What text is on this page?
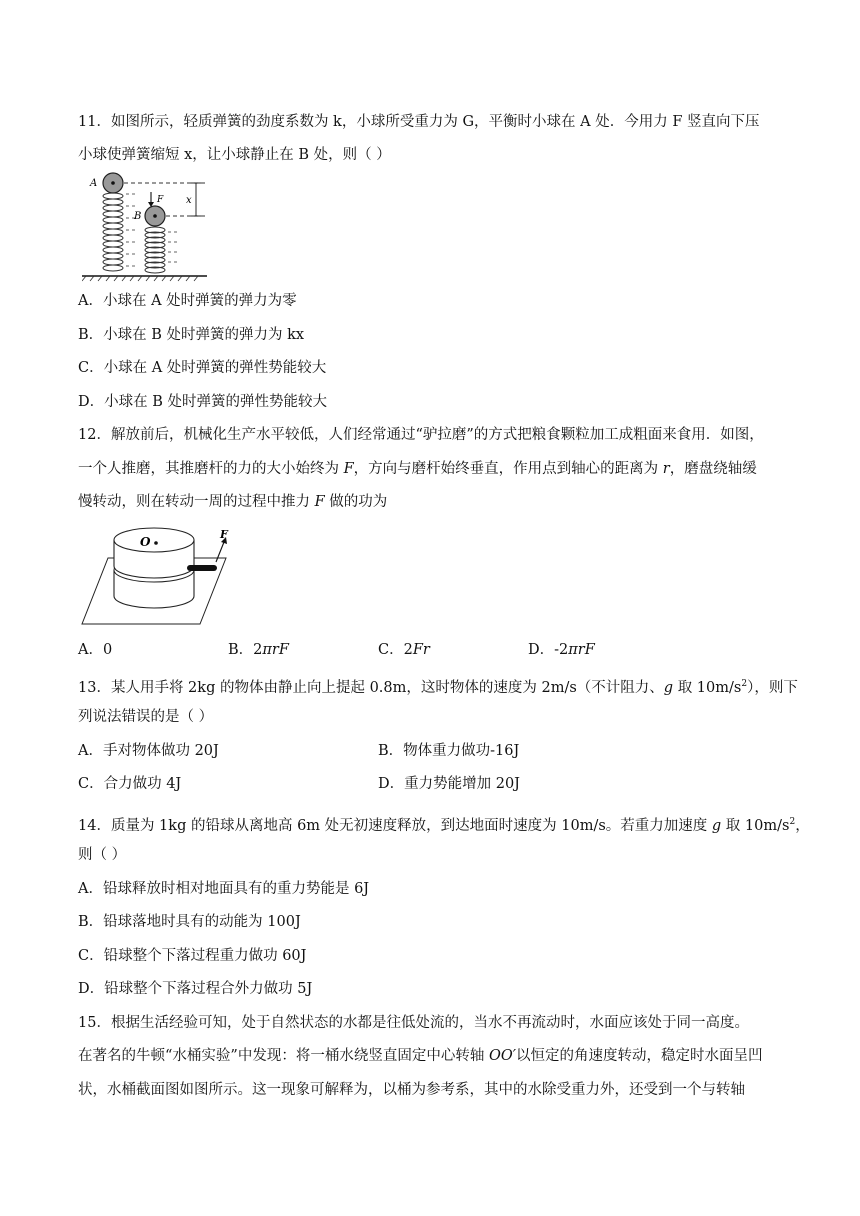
11．如图所示，轻质弹簧的劲度系数为 k，小球所受重力为 G，平衡时小球在 A 处．今用力 F 竖直向下压
小球使弹簧缩短 x，让小球静止在 B 处，则（ ）
A
B
F x
A．小球在 A 处时弹簧的弹力为零
B．小球在 B 处时弹簧的弹力为 kx
C．小球在 A 处时弹簧的弹性势能较大
D．小球在 B 处时弹簧的弹性势能较大
12．解放前后，机械化生产水平较低，人们经常通过“驴拉磨”的方式把粮食颗粒加工成粗面来食用．如图，
一个人推磨，其推磨杆的力的大小始终为 F，方向与磨杆始终垂直，作用点到轴心的距离为 r，磨盘绕轴缓
慢转动，则在转动一周的过程中推力 F 做的功为
O
F
A．0	B．2πrF	C．2Fr	D．-2πrF
13．某人用手将 2kg 的物体由静止向上提起 0.8m，这时物体的速度为 2m/s（不计阻力、g 取 $10m/s^2$），则下
列说法错误的是（ ）
A．手对物体做功 20J	B．物体重力做功-16J
C．合力做功 4J	D．重力势能增加 20J
14．质量为 1kg 的铅球从离地高 6m 处无初速度释放，到达地面时速度为 10m/s。若重力加速度 g 取 $10m/s^2$，
则（ ）
A．铅球释放时相对地面具有的重力势能是 6J
B．铅球落地时具有的动能为 100J
C．铅球整个下落过程重力做功 60J
D．铅球整个下落过程合外力做功 5J
15．根据生活经验可知，处于自然状态的水都是往低处流的，当水不再流动时，水面应该处于同一高度。
在著名的牛顿“水桶实验”中发现：将一桶水绕竖直固定中心转轴 OO′以恒定的角速度转动，稳定时水面呈凹
状，水桶截面图如图所示。这一现象可解释为，以桶为参考系，其中的水除受重力外，还受到一个与转轴
